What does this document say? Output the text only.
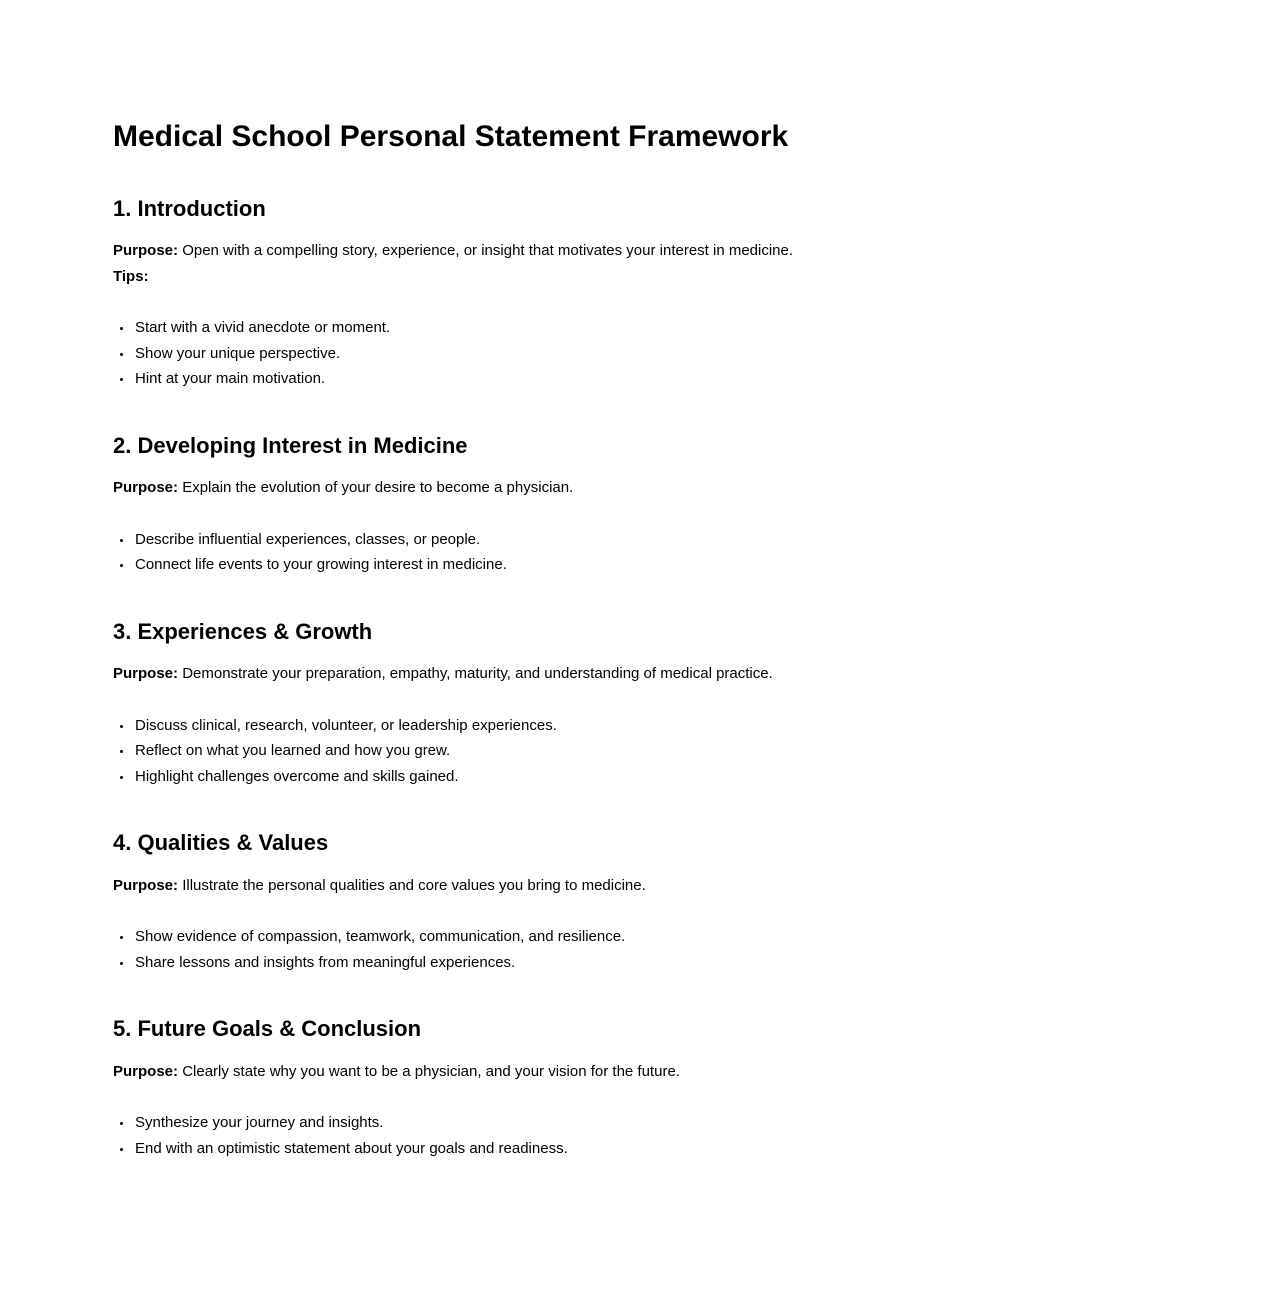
Medical School Personal Statement Framework
1. Introduction

Purpose: Open with a compelling story, experience, or insight that motivates your interest in medicine.
Tips:

• Start with a vivid anecdote or moment.
• Show your unique perspective.
• Hint at your main motivation.
2. Developing Interest in Medicine

Purpose: Explain the evolution of your desire to become a physician.

• Describe influential experiences, classes, or people.
• Connect life events to your growing interest in medicine.
3. Experiences & Growth

Purpose: Demonstrate your preparation, empathy, maturity, and understanding of medical practice.

• Discuss clinical, research, volunteer, or leadership experiences.
• Reflect on what you learned and how you grew.
• Highlight challenges overcome and skills gained.
4. Qualities & Values

Purpose: Illustrate the personal qualities and core values you bring to medicine.

• Show evidence of compassion, teamwork, communication, and resilience.
• Share lessons and insights from meaningful experiences.
5. Future Goals & Conclusion

Purpose: Clearly state why you want to be a physician, and your vision for the future.

• Synthesize your journey and insights.
• End with an optimistic statement about your goals and readiness.
